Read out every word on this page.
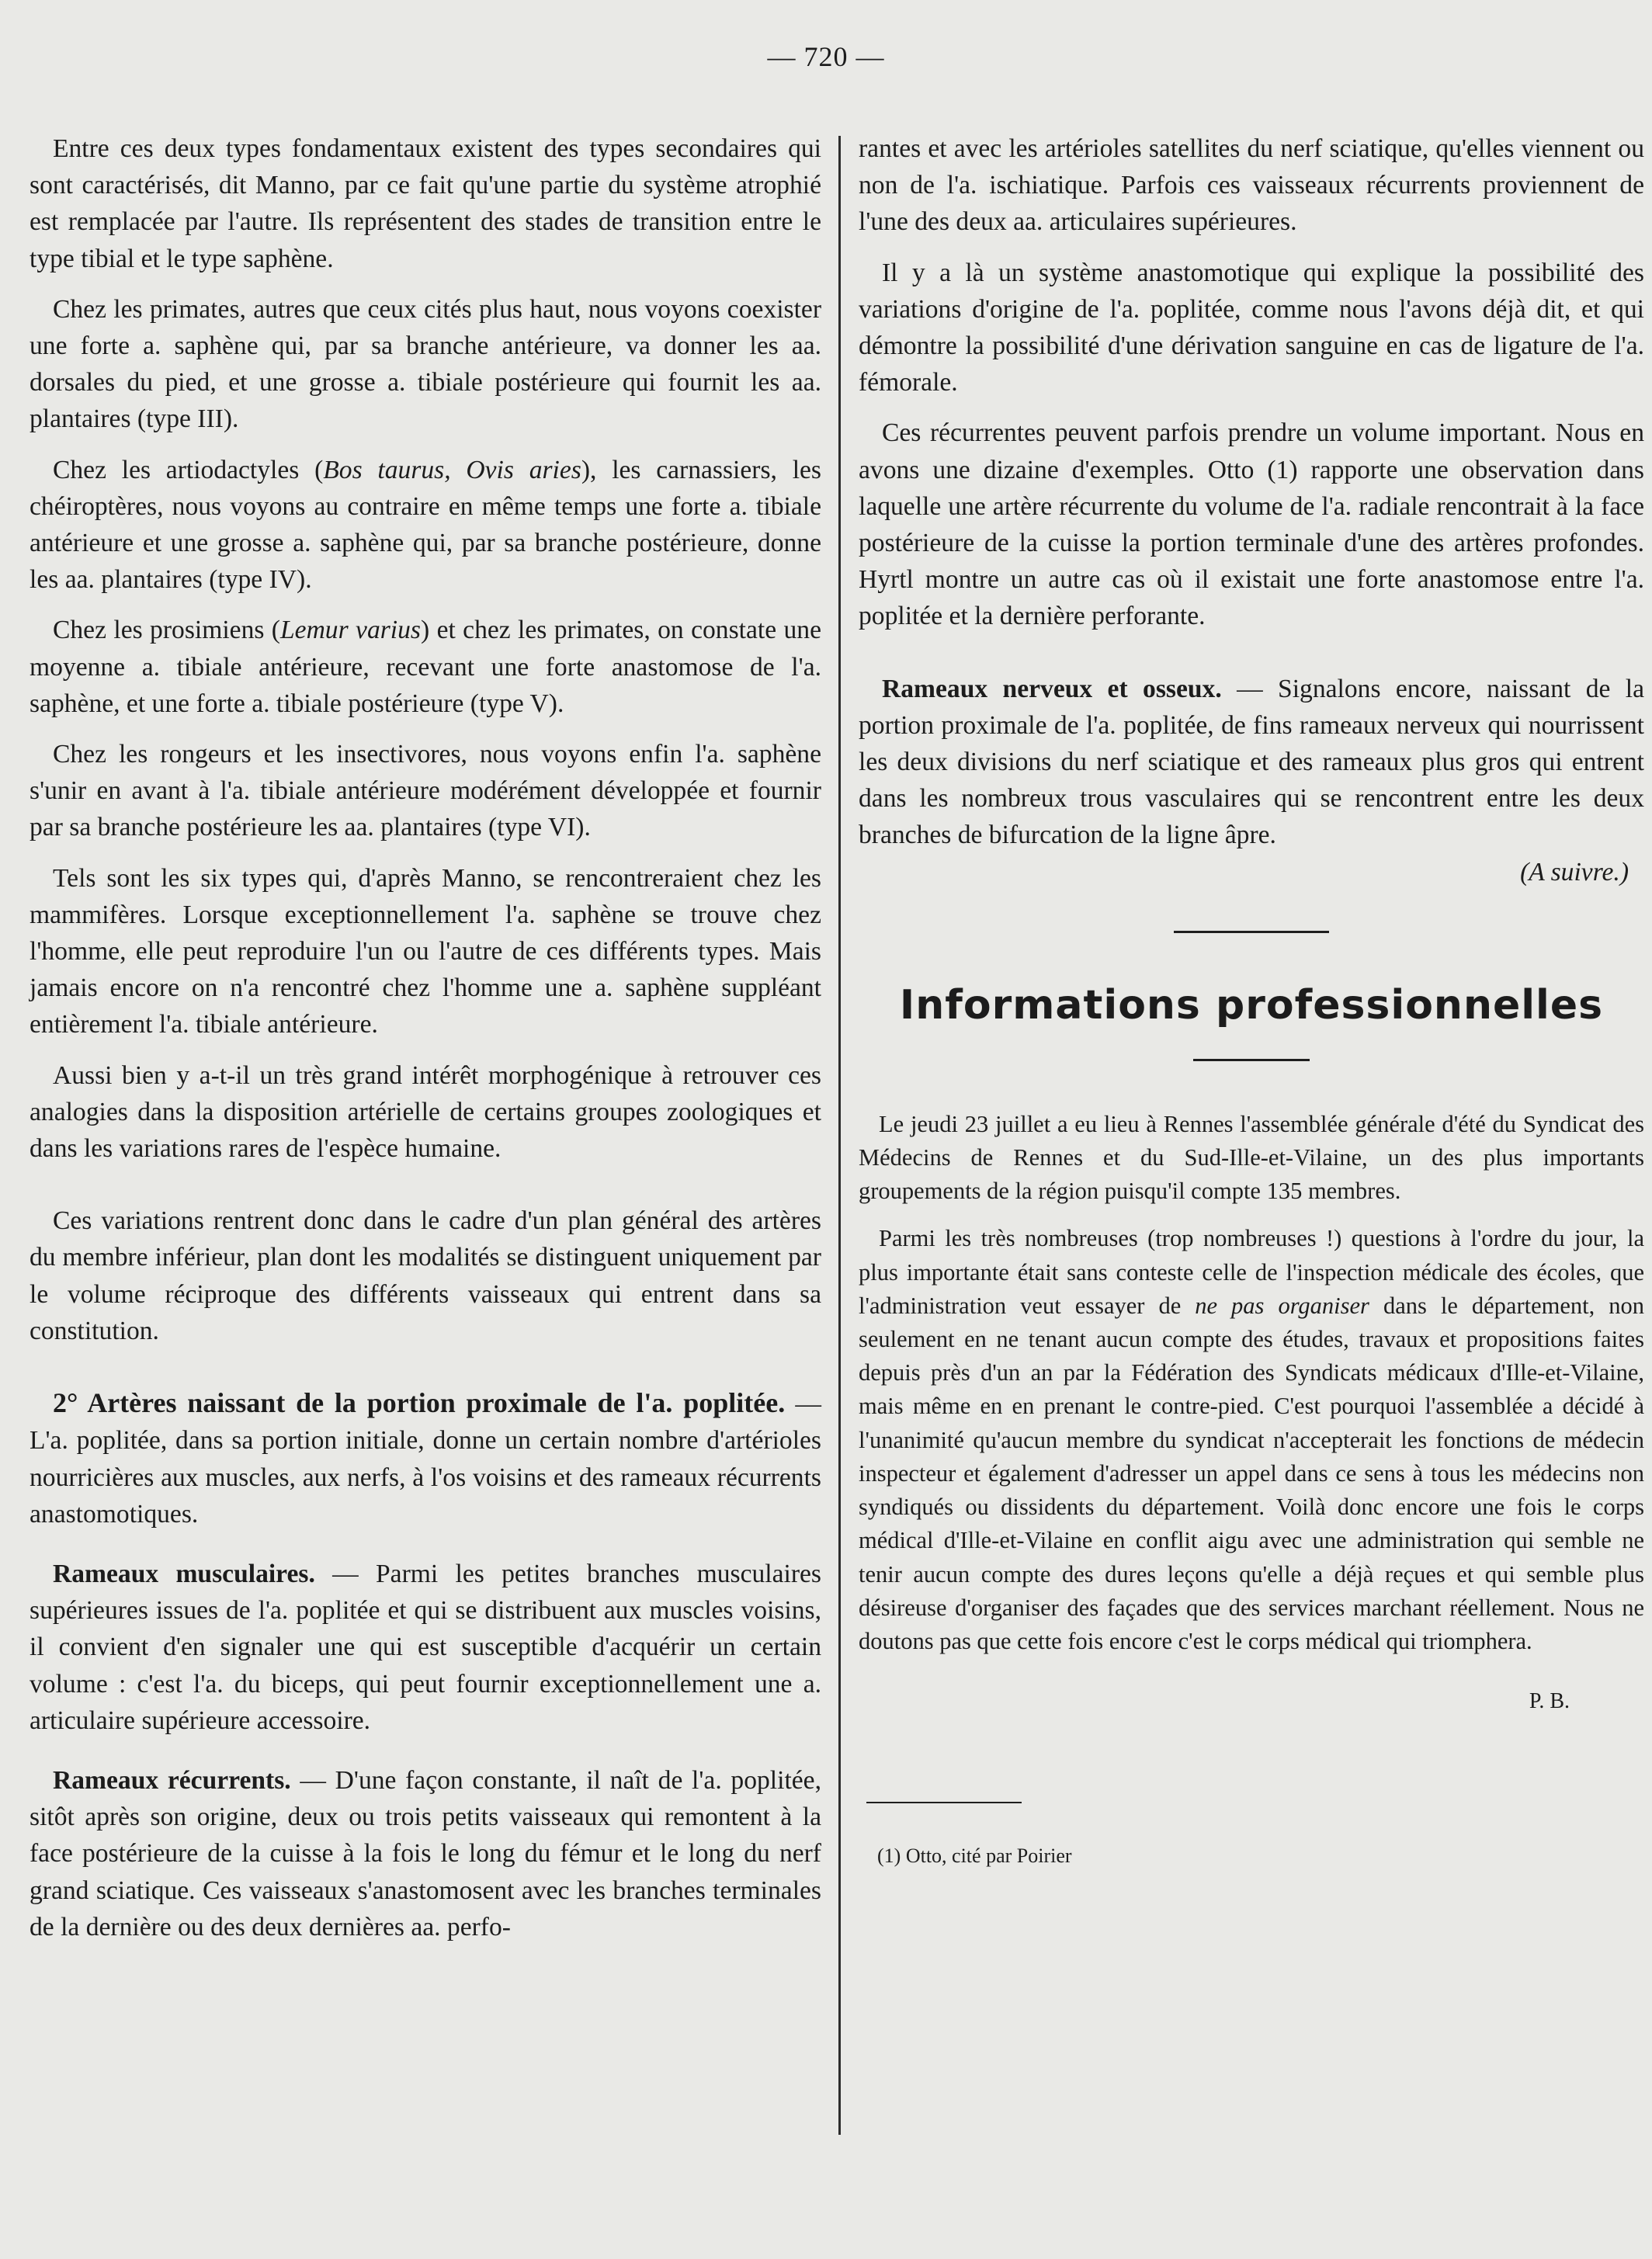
— 720 —

Entre ces deux types fondamentaux existent des types secondaires qui sont caractérisés, dit Manno, par ce fait qu'une partie du système atrophié est remplacée par l'autre. Ils représentent des stades de transition entre le type tibial et le type saphène.

Chez les primates, autres que ceux cités plus haut, nous voyons coexister une forte a. saphène qui, par sa branche antérieure, va donner les aa. dorsales du pied, et une grosse a. tibiale postérieure qui fournit les aa. plantaires (type III).

Chez les artiodactyles (Bos taurus, Ovis aries), les carnassiers, les chéiroptères, nous voyons au contraire en même temps une forte a. tibiale antérieure et une grosse a. saphène qui, par sa branche postérieure, donne les aa. plantaires (type IV).

Chez les prosimiens (Lemur varius) et chez les primates, on constate une moyenne a. tibiale antérieure, recevant une forte anastomose de l'a. saphène, et une forte a. tibiale postérieure (type V).

Chez les rongeurs et les insectivores, nous voyons enfin l'a. saphène s'unir en avant à l'a. tibiale antérieure modérément développée et fournir par sa branche postérieure les aa. plantaires (type VI).

Tels sont les six types qui, d'après Manno, se rencontreraient chez les mammifères. Lorsque exceptionnellement l'a. saphène se trouve chez l'homme, elle peut reproduire l'un ou l'autre de ces différents types. Mais jamais encore on n'a rencontré chez l'homme une a. saphène suppléant entièrement l'a. tibiale antérieure.

Aussi bien y a-t-il un très grand intérêt morphogénique à retrouver ces analogies dans la disposition artérielle de certains groupes zoologiques et dans les variations rares de l'espèce humaine.

Ces variations rentrent donc dans le cadre d'un plan général des artères du membre inférieur, plan dont les modalités se distinguent uniquement par le volume réciproque des différents vaisseaux qui entrent dans sa constitution.

2° Artères naissant de la portion proximale de l'a. poplitée. — L'a. poplitée, dans sa portion initiale, donne un certain nombre d'artérioles nourricières aux muscles, aux nerfs, à l'os voisins et des rameaux récurrents anastomotiques.

Rameaux musculaires. — Parmi les petites branches musculaires supérieures issues de l'a. poplitée et qui se distribuent aux muscles voisins, il convient d'en signaler une qui est susceptible d'acquérir un certain volume : c'est l'a. du biceps, qui peut fournir exceptionnellement une a. articulaire supérieure accessoire.

Rameaux récurrents. — D'une façon constante, il naît de l'a. poplitée, sitôt après son origine, deux ou trois petits vaisseaux qui remontent à la face postérieure de la cuisse à la fois le long du fémur et le long du nerf grand sciatique. Ces vaisseaux s'anastomosent avec les branches terminales de la dernière ou des deux dernières aa. perfo-

rantes et avec les artérioles satellites du nerf sciatique, qu'elles viennent ou non de l'a. ischiatique. Parfois ces vaisseaux récurrents proviennent de l'une des deux aa. articulaires supérieures.

Il y a là un système anastomotique qui explique la possibilité des variations d'origine de l'a. poplitée, comme nous l'avons déjà dit, et qui démontre la possibilité d'une dérivation sanguine en cas de ligature de l'a. fémorale.

Ces récurrentes peuvent parfois prendre un volume important. Nous en avons une dizaine d'exemples. Otto (1) rapporte une observation dans laquelle une artère récurrente du volume de l'a. radiale rencontrait à la face postérieure de la cuisse la portion terminale d'une des artères profondes. Hyrtl montre un autre cas où il existait une forte anastomose entre l'a. poplitée et la dernière perforante.

Rameaux nerveux et osseux. — Signalons encore, naissant de la portion proximale de l'a. poplitée, de fins rameaux nerveux qui nourrissent les deux divisions du nerf sciatique et des rameaux plus gros qui entrent dans les nombreux trous vasculaires qui se rencontrent entre les deux branches de bifurcation de la ligne âpre.

(A suivre.)

Informations professionnelles

Le jeudi 23 juillet a eu lieu à Rennes l'assemblée générale d'été du Syndicat des Médecins de Rennes et du Sud-Ille-et-Vilaine, un des plus importants groupements de la région puisqu'il compte 135 membres.

Parmi les très nombreuses (trop nombreuses !) questions à l'ordre du jour, la plus importante était sans conteste celle de l'inspection médicale des écoles, que l'administration veut essayer de ne pas organiser dans le département, non seulement en ne tenant aucun compte des études, travaux et propositions faites depuis près d'un an par la Fédération des Syndicats médicaux d'Ille-et-Vilaine, mais même en en prenant le contre-pied. C'est pourquoi l'assemblée a décidé à l'unanimité qu'aucun membre du syndicat n'accepterait les fonctions de médecin inspecteur et également d'adresser un appel dans ce sens à tous les médecins non syndiqués ou dissidents du département. Voilà donc encore une fois le corps médical d'Ille-et-Vilaine en conflit aigu avec une administration qui semble ne tenir aucun compte des dures leçons qu'elle a déjà reçues et qui semble plus désireuse d'organiser des façades que des services marchant réellement. Nous ne doutons pas que cette fois encore c'est le corps médical qui triomphera.

P. B.

(1) Otto, cité par Poirier
